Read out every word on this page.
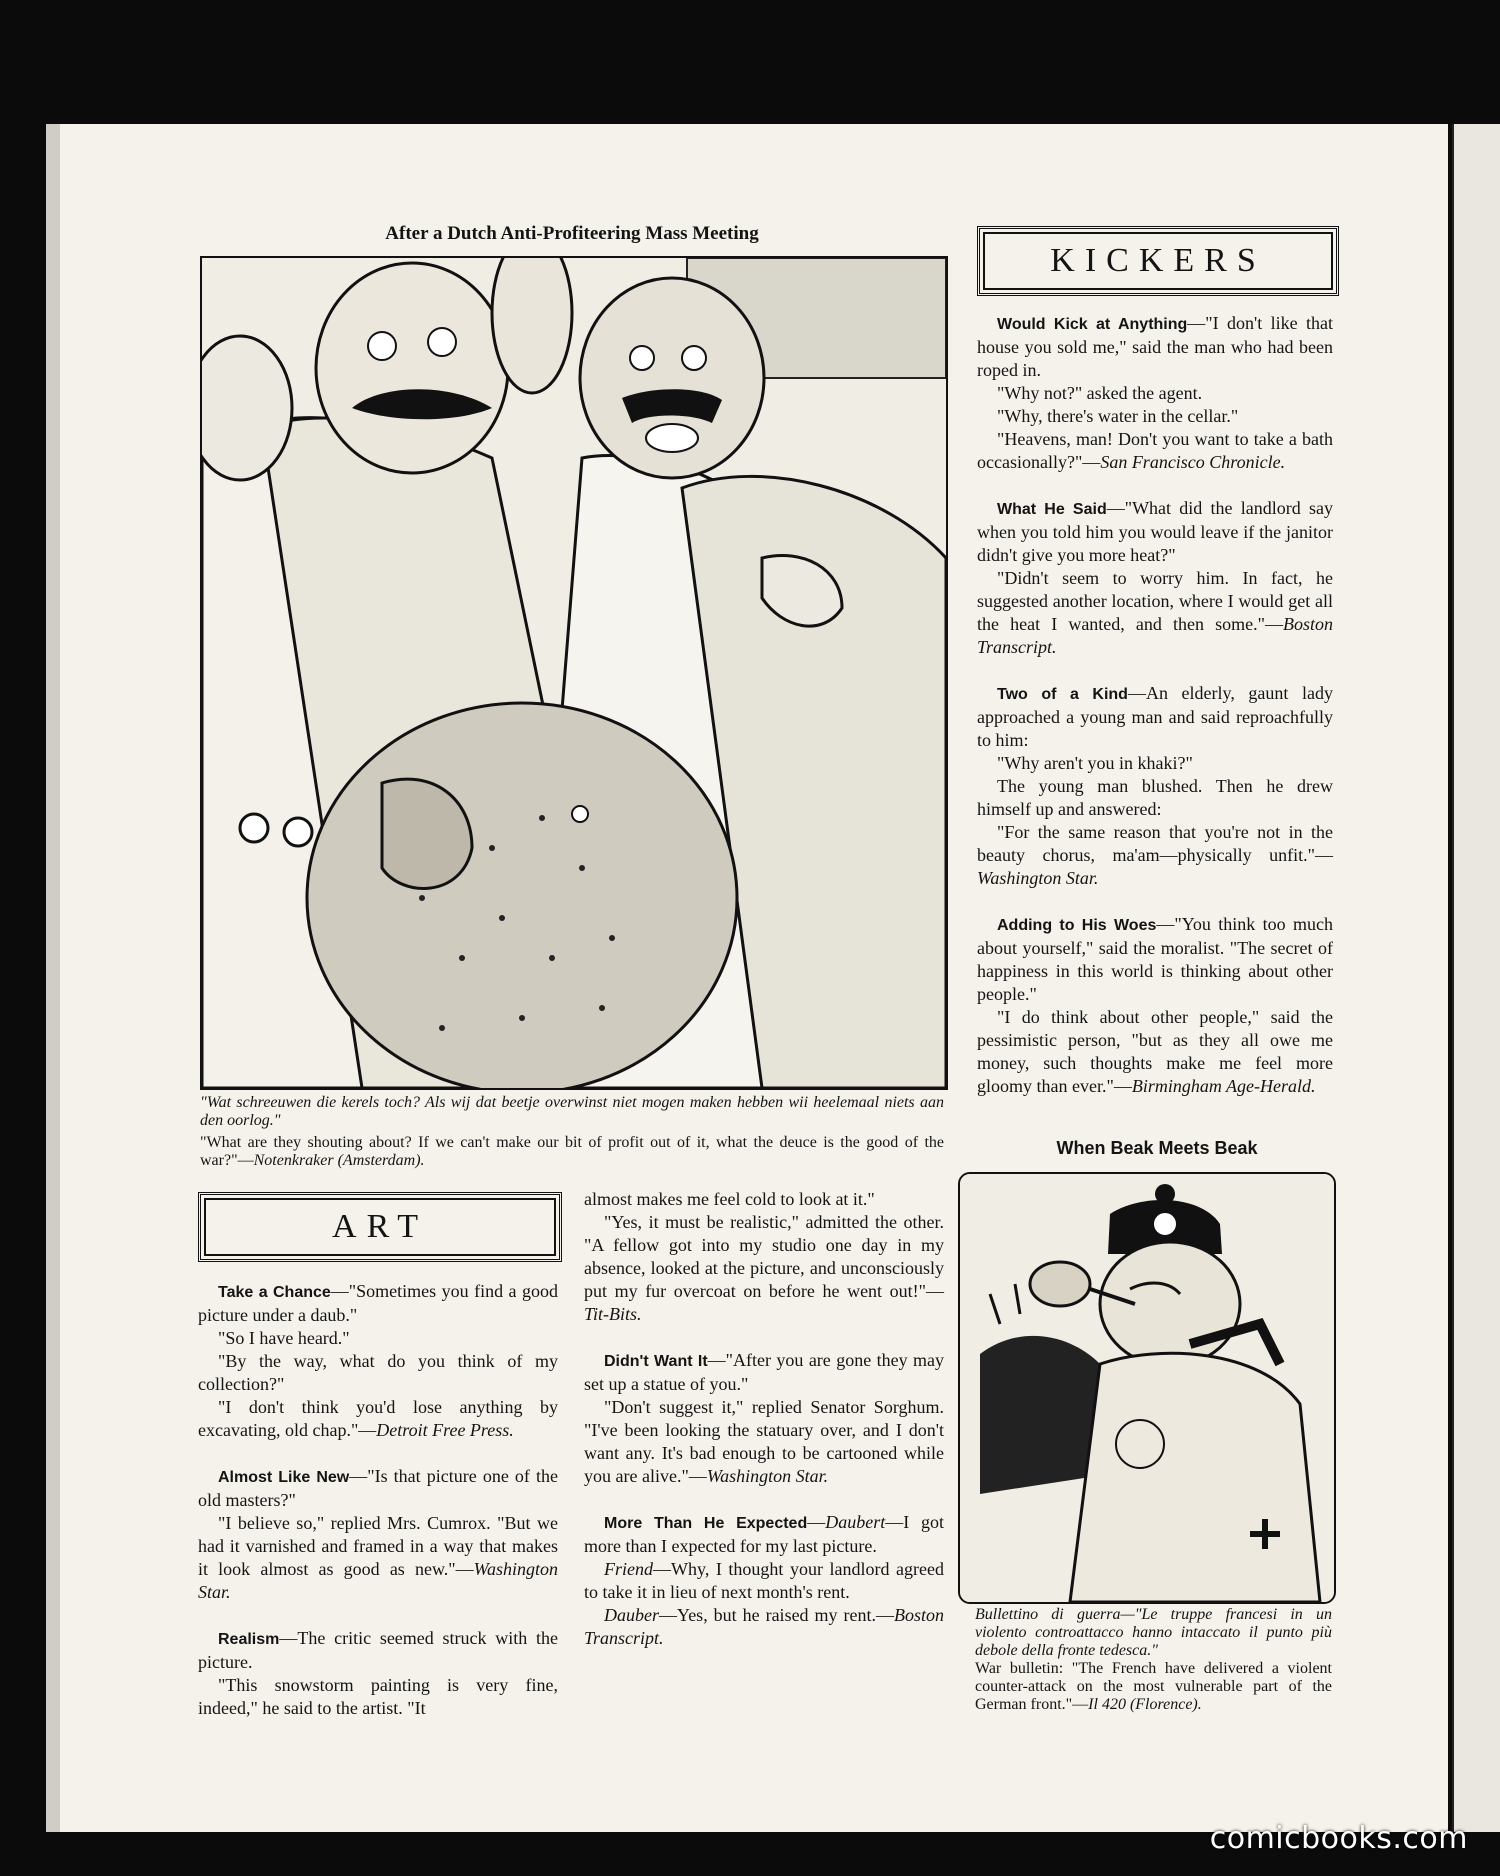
After a Dutch Anti-Profiteering Mass Meeting
"Wat schreeuwen die kerels toch? Als wij dat beetje overwinst niet mogen maken hebben wii heelemaal niets aan den oorlog."
"What are they shouting about? If we can't make our bit of profit out of it, what the deuce is the good of the war?"—Notenkraker (Amsterdam).
KICKERS

Would Kick at Anything—"I don't like that house you sold me," said the man who had been roped in.

"Why not?" asked the agent.

"Why, there's water in the cellar."

"Heavens, man! Don't you want to take a bath occasionally?"—San Francisco Chronicle.

What He Said—"What did the landlord say when you told him you would leave if the janitor didn't give you more heat?"

"Didn't seem to worry him. In fact, he suggested another location, where I would get all the heat I wanted, and then some."—Boston Transcript.

Two of a Kind—An elderly, gaunt lady approached a young man and said reproachfully to him:

"Why aren't you in khaki?"

The young man blushed. Then he drew himself up and answered:

"For the same reason that you're not in the beauty chorus, ma'am—physically unfit."—Washington Star.

Adding to His Woes—"You think too much about yourself," said the moralist. "The secret of happiness in this world is thinking about other people."

"I do think about other people," said the pessimistic person, "but as they all owe me money, such thoughts make me feel more gloomy than ever."—Birmingham Age-Herald.

When Beak Meets Beak
Bullettino di guerra—"Le truppe francesi in un violento controattacco hanno intaccato il punto più debole della fronte tedesca."
War bulletin: "The French have delivered a violent counter-attack on the most vulnerable part of the German front."—Il 420 (Florence).
ART

Take a Chance—"Sometimes you find a good picture under a daub."

"So I have heard."

"By the way, what do you think of my collection?"

"I don't think you'd lose anything by excavating, old chap."—Detroit Free Press.

Almost Like New—"Is that picture one of the old masters?"

"I believe so," replied Mrs. Cumrox. "But we had it varnished and framed in a way that makes it look almost as good as new."—Washington Star.

Realism—The critic seemed struck with the picture.

"This snowstorm painting is very fine, indeed," he said to the artist. "It

almost makes me feel cold to look at it."

"Yes, it must be realistic," admitted the other. "A fellow got into my studio one day in my absence, looked at the picture, and unconsciously put my fur overcoat on before he went out!"—Tit-Bits.

Didn't Want It—"After you are gone they may set up a statue of you."

"Don't suggest it," replied Senator Sorghum. "I've been looking the statuary over, and I don't want any. It's bad enough to be cartooned while you are alive."—Washington Star.

More Than He Expected—Daubert—I got more than I expected for my last picture.

Friend—Why, I thought your landlord agreed to take it in lieu of next month's rent.

Dauber—Yes, but he raised my rent.—Boston Transcript.

comicbooks.com
